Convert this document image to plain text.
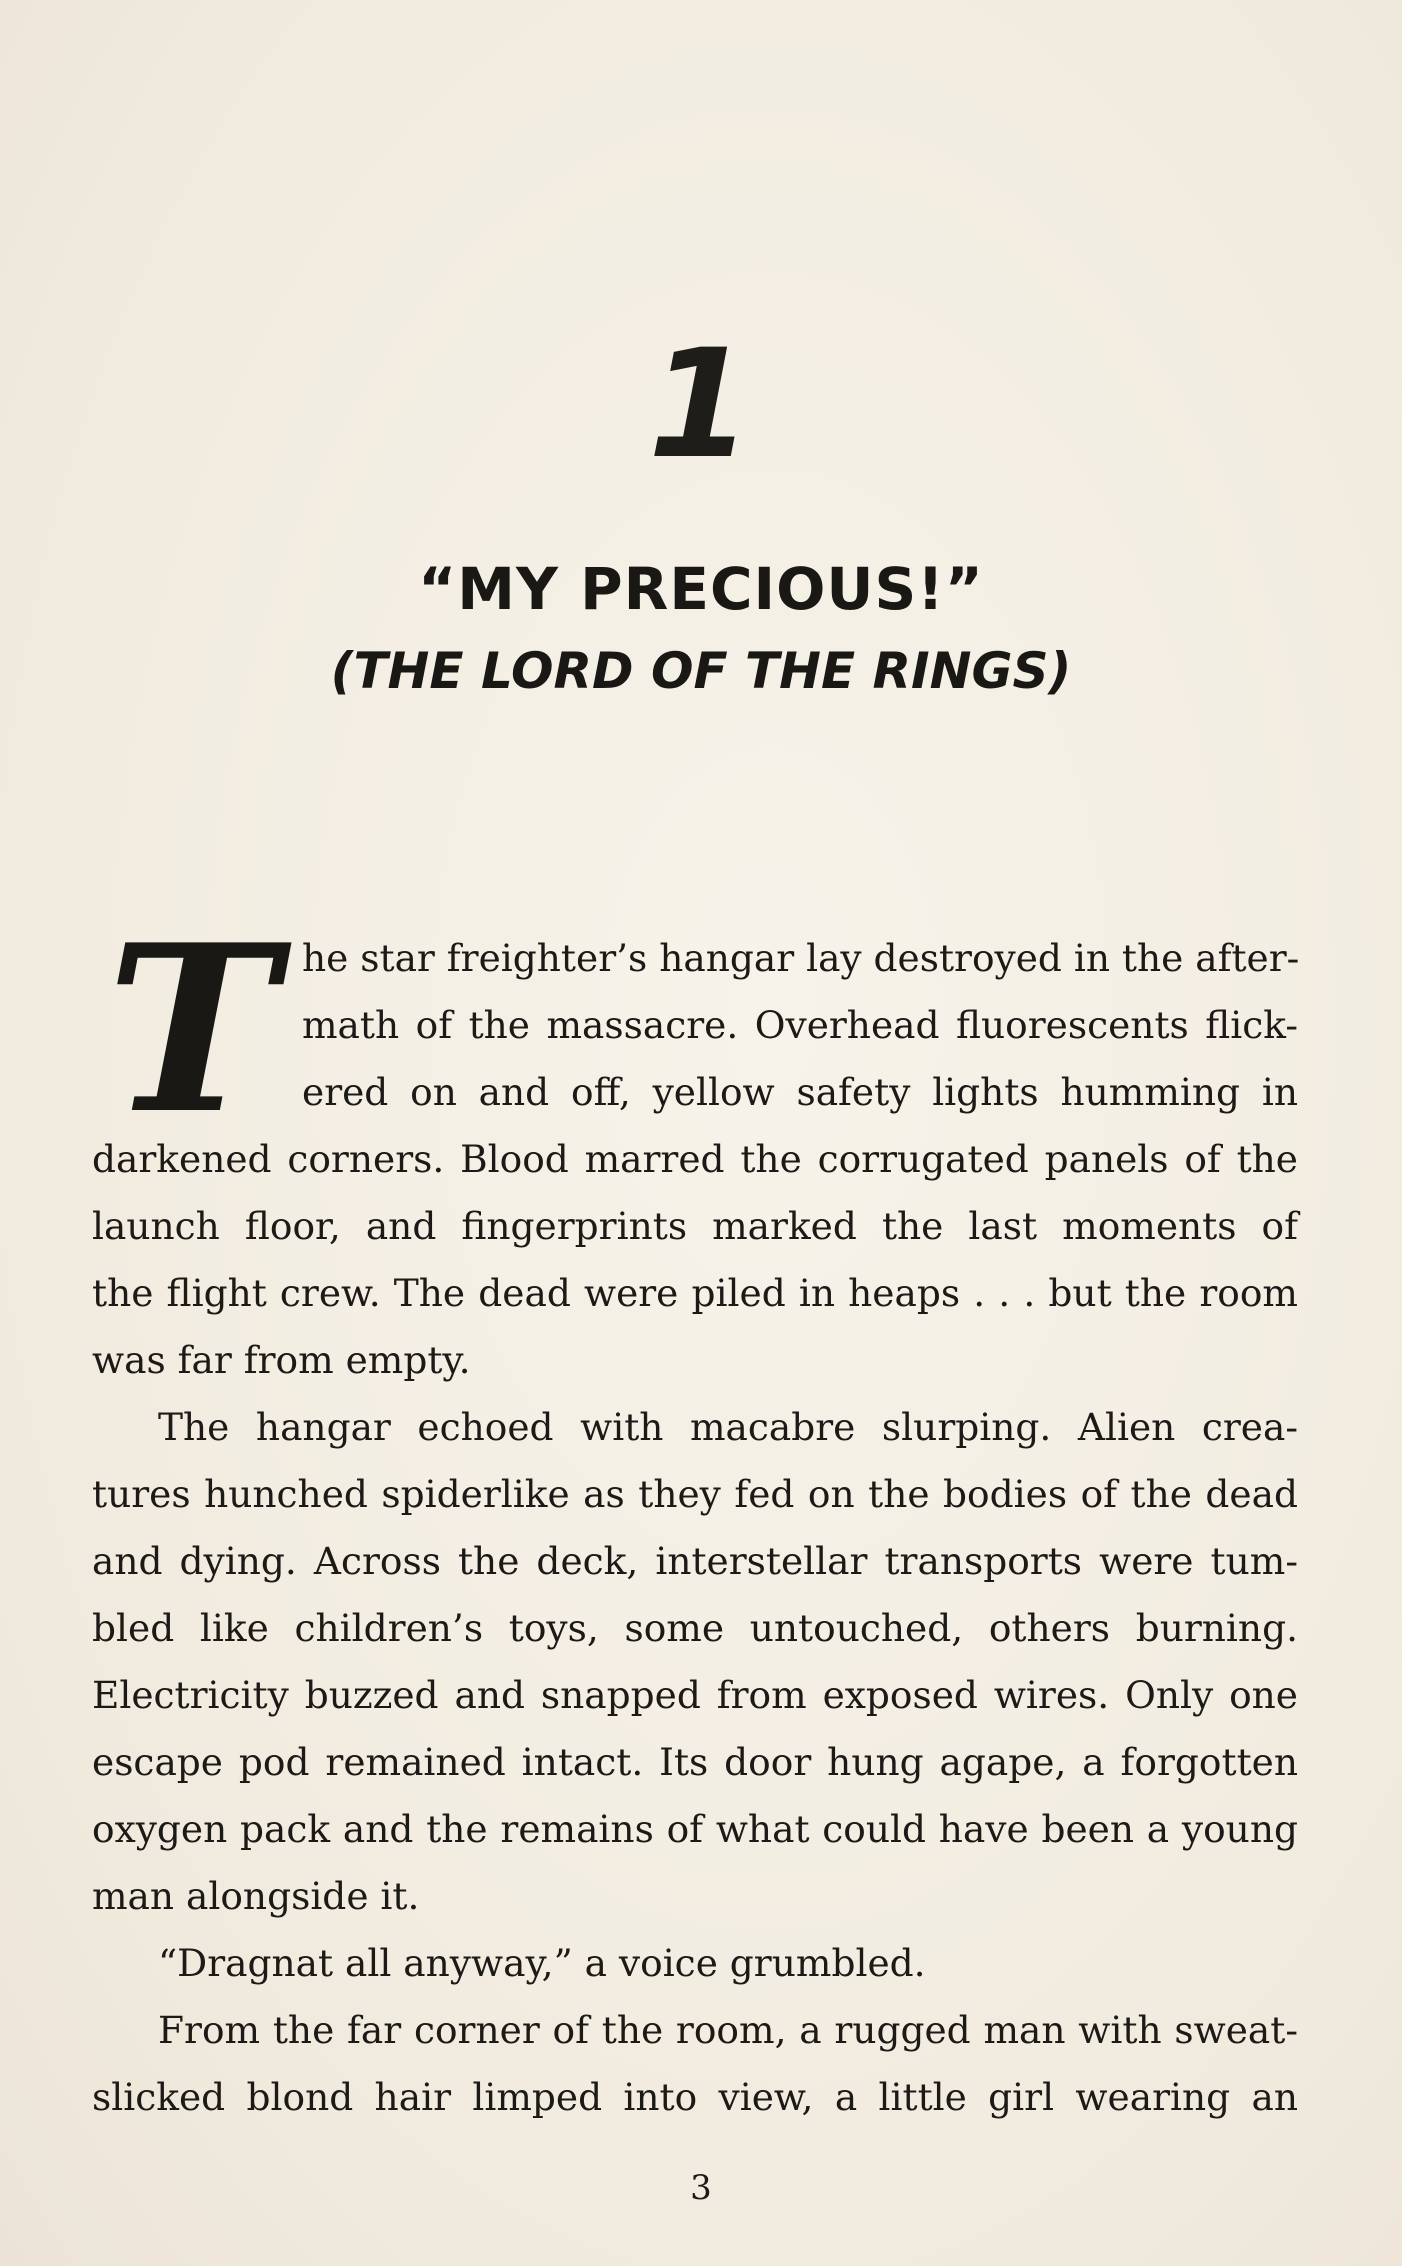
1
“MY PRECIOUS!”
(THE LORD OF THE RINGS)
T he star freighter’s hangar lay destroyed in the after-
math of the massacre. Overhead fluorescents flick-
ered on and off, yellow safety lights humming in
darkened corners. Blood marred the corrugated panels of the
launch floor, and fingerprints marked the last moments of
the flight crew. The dead were piled in heaps . . . but the room
was far from empty.
The hangar echoed with macabre slurping. Alien crea-
tures hunched spiderlike as they fed on the bodies of the dead
and dying. Across the deck, interstellar transports were tum-
bled like children’s toys, some untouched, others burning.
Electricity buzzed and snapped from exposed wires. Only one
escape pod remained intact. Its door hung agape, a forgotten
oxygen pack and the remains of what could have been a young
man alongside it.
“Dragnat all anyway,” a voice grumbled.
From the far corner of the room, a rugged man with sweat-
slicked blond hair limped into view, a little girl wearing an
3
